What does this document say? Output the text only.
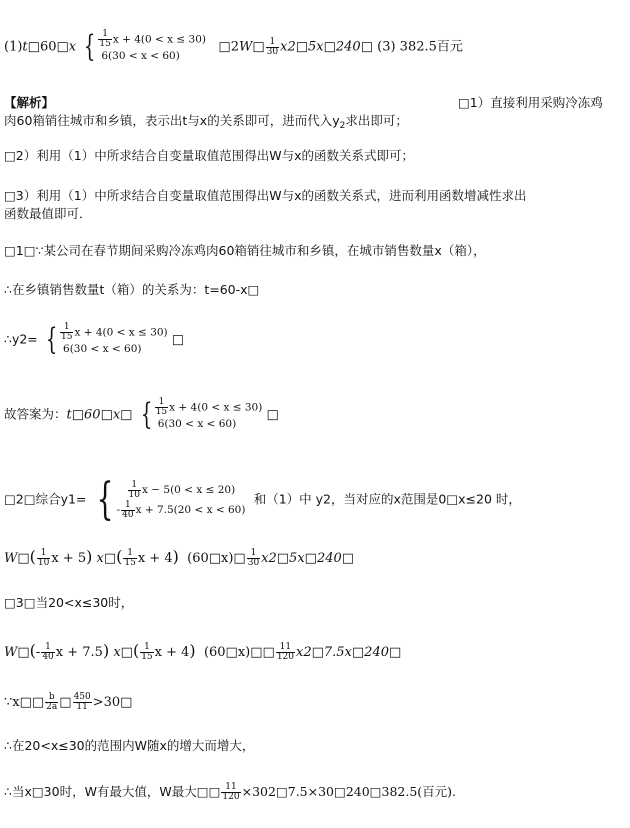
(1)t□60□x { $\frac{1}{15}$ x + 4(0 < x ≤ 30)
6(30 < x < 60)
□2W□ $\frac{1}{30}$ x2□5x□240□ (3) 382.5百元
【解析】	□1）直接利用采购冷冻鸡
肉60箱销往城市和乡镇，表示出t与x的关系即可，进而代入$y_2$求出即可；
□2）利用（1）中所求结合自变量取值范围得出W与x的函数关系式即可；
□3）利用（1）中所求结合自变量取值范围得出W与x的函数关系式，进而利用函数增减性求出
函数最值即可．
□1□∵某公司在春节期间采购冷冻鸡肉60箱销往城市和乡镇，在城市销售数量x（箱），
∴在乡镇销售数量t（箱）的关系为：t=60-x□
∴y2= { $\frac{1}{15}$ x + 4(0 < x ≤ 30)
6(30 < x < 60)
□
故答案为：t□60□x□ { $\frac{1}{15}$ x + 4(0 < x ≤ 30)
6(30 < x < 60)
□
□2□综合y1= { $\frac{1}{10}$ x − 5(0 < x ≤ 20)
- $\frac{1}{40}$ x + 7.5(20 < x < 60)
和（1）中 y2，当对应的x范围是0□x≤20 时，
W□( $\frac{1}{10}$ x + 5) x□( $\frac{1}{15}$ x + 4) (60□x)□ $\frac{1}{30}$ x2□5x□240□
□3□当20<x≤30时，
W□(- $\frac{1}{40}$ x + 7.5) x□( $\frac{1}{15}$ x + 4) (60□x)□□ $\frac{11}{120}$ x2□7.5x□240□
∵x□□ $\frac{b}{2a}$ □ $\frac{450}{11}$ >30□
∴在20<x≤30的范围内W随x的增大而增大，
∴当x□30时，W有最大值，W最大□□ $\frac{11}{120}$ ×302□7.5×30□240□382.5(百元).
